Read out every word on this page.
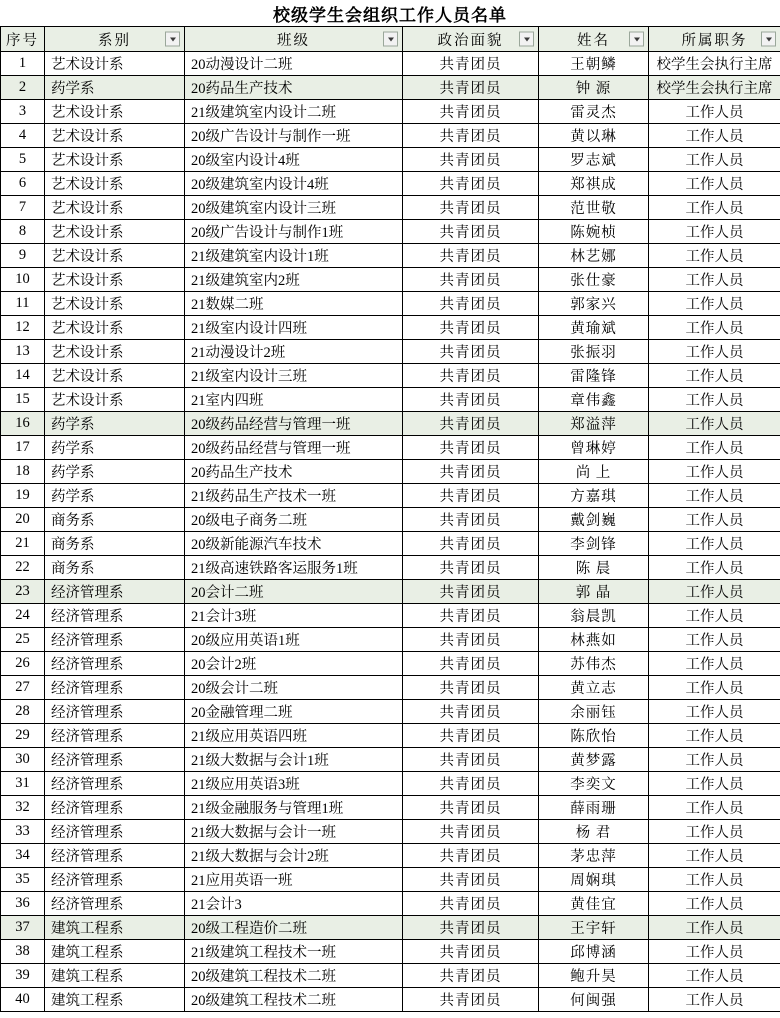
校级学生会组织工作人员名单
序号	系别	班级	政治面貌	姓名	所属职务

1	艺术设计系	20动漫设计二班	共青团员	王朝鳞	校学生会执行主席
2	药学系	20药品生产技术	共青团员	钟 源	校学生会执行主席
3	艺术设计系	21级建筑室内设计二班	共青团员	雷灵杰	工作人员
4	艺术设计系	20级广告设计与制作一班	共青团员	黄以琳	工作人员
5	艺术设计系	20级室内设计4班	共青团员	罗志斌	工作人员
6	艺术设计系	20级建筑室内设计4班	共青团员	郑祺成	工作人员
7	艺术设计系	20级建筑室内设计三班	共青团员	范世敬	工作人员
8	艺术设计系	20级广告设计与制作1班	共青团员	陈婉桢	工作人员
9	艺术设计系	21级建筑室内设计1班	共青团员	林艺娜	工作人员
10	艺术设计系	21级建筑室内2班	共青团员	张仕豪	工作人员
11	艺术设计系	21数媒二班	共青团员	郭家兴	工作人员
12	艺术设计系	21级室内设计四班	共青团员	黄瑜斌	工作人员
13	艺术设计系	21动漫设计2班	共青团员	张振羽	工作人员
14	艺术设计系	21级室内设计三班	共青团员	雷隆锋	工作人员
15	艺术设计系	21室内四班	共青团员	章伟鑫	工作人员
16	药学系	20级药品经营与管理一班	共青团员	郑溢萍	工作人员
17	药学系	20级药品经营与管理一班	共青团员	曾琳婷	工作人员
18	药学系	20药品生产技术	共青团员	尚 上	工作人员
19	药学系	21级药品生产技术一班	共青团员	方嘉琪	工作人员
20	商务系	20级电子商务二班	共青团员	戴剑巍	工作人员
21	商务系	20级新能源汽车技术	共青团员	李剑锋	工作人员
22	商务系	21级高速铁路客运服务1班	共青团员	陈 晨	工作人员
23	经济管理系	20会计二班	共青团员	郭 晶	工作人员
24	经济管理系	21会计3班	共青团员	翁晨凯	工作人员
25	经济管理系	20级应用英语1班	共青团员	林燕如	工作人员
26	经济管理系	20会计2班	共青团员	苏伟杰	工作人员
27	经济管理系	20级会计二班	共青团员	黄立志	工作人员
28	经济管理系	20金融管理二班	共青团员	余丽钰	工作人员
29	经济管理系	21级应用英语四班	共青团员	陈欣怡	工作人员
30	经济管理系	21级大数据与会计1班	共青团员	黄梦露	工作人员
31	经济管理系	21级应用英语3班	共青团员	李奕文	工作人员
32	经济管理系	21级金融服务与管理1班	共青团员	薛雨珊	工作人员
33	经济管理系	21级大数据与会计一班	共青团员	杨 君	工作人员
34	经济管理系	21级大数据与会计2班	共青团员	茅忠萍	工作人员
35	经济管理系	21应用英语一班	共青团员	周娴琪	工作人员
36	经济管理系	21会计3	共青团员	黄佳宜	工作人员
37	建筑工程系	20级工程造价二班	共青团员	王宇轩	工作人员
38	建筑工程系	21级建筑工程技术一班	共青团员	邱博涵	工作人员
39	建筑工程系	20级建筑工程技术二班	共青团员	鲍升昊	工作人员
40	建筑工程系	20级建筑工程技术二班	共青团员	何闽强	工作人员
